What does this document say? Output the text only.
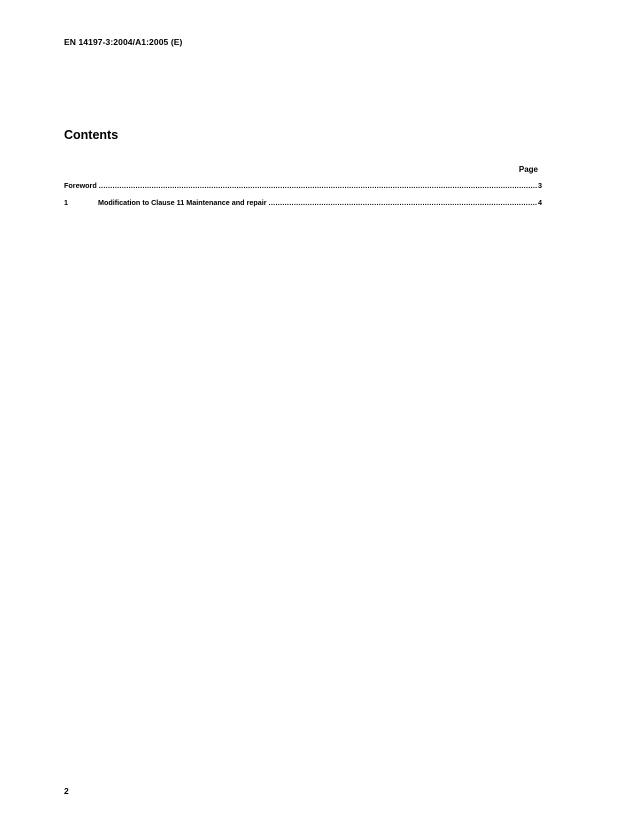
EN 14197-3:2004/A1:2005 (E)
Contents
Page
Foreword .....	3
1	Modification to Clause 11 Maintenance and repair .....	4
2
